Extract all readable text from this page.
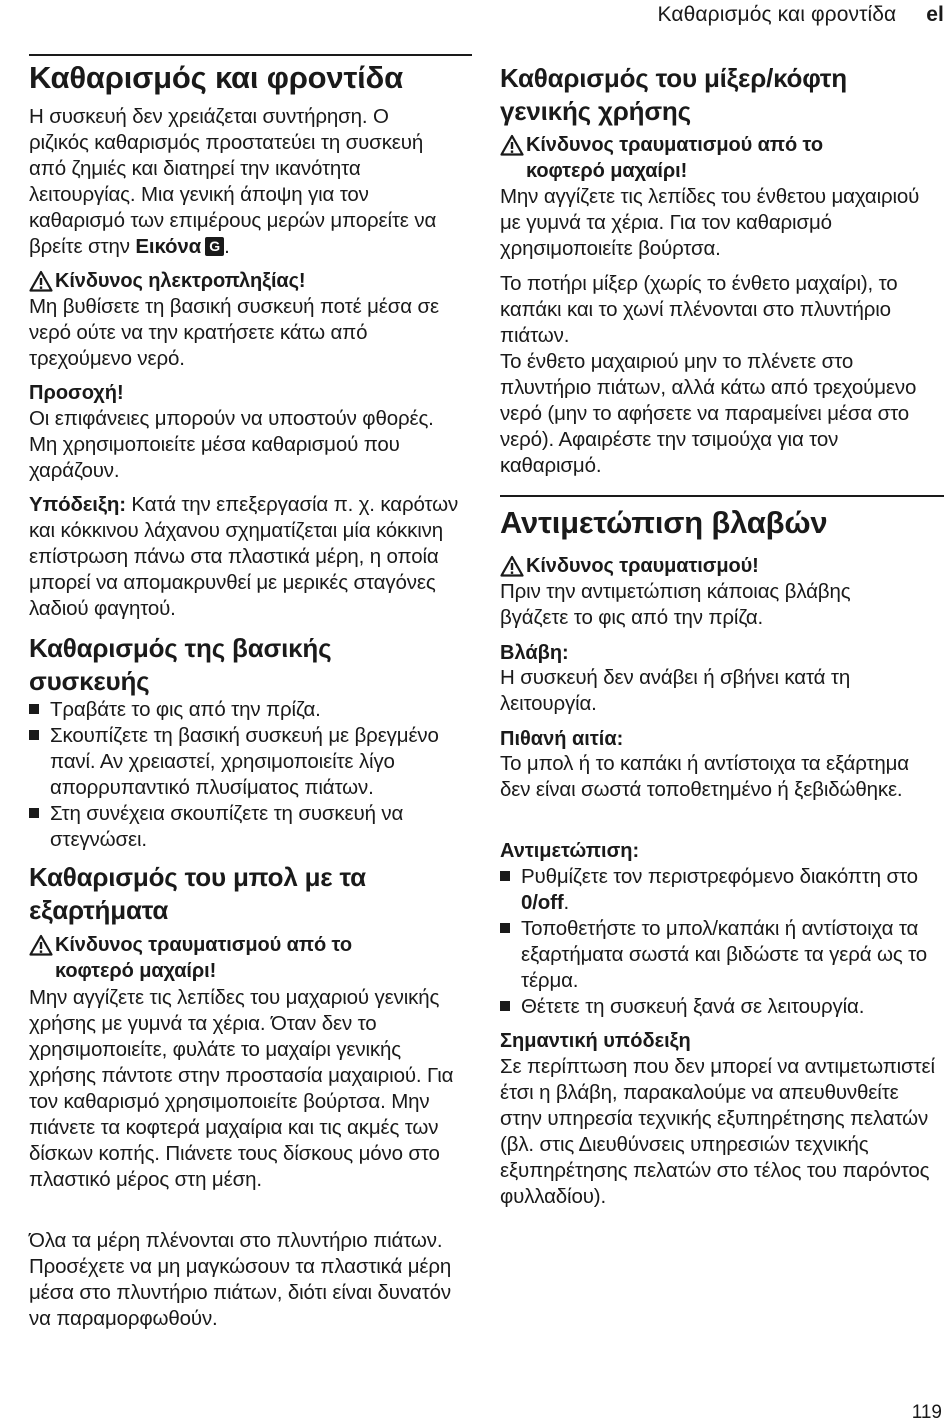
Καθαρισμός και φροντίδα el
Καθαρισμός και φροντίδα

Η συσκευή δεν χρειάζεται συντήρηση. Ο ριζικός καθαρισμός προστατεύει τη συσκευή από ζημιές και διατηρεί την ικανότητα λειτουργίας. Μια γενική άποψη για τον καθαρισμό των επιμέρους μερών μπορείτε να βρείτε στην Εικόνα G .

Κίνδυνος ηλεκτροπληξίας!

Μη βυθίσετε τη βασική συσκευή ποτέ μέσα σε νερό ούτε να την κρατήσετε κάτω από τρεχούμενο νερό.

Προσοχή!

Οι επιφάνειες μπορούν να υποστούν φθορές. Μη χρησιμοποιείτε μέσα καθαρισμού που χαράζουν.

Υπόδειξη: Κατά την επεξεργασία π. χ. καρότων και κόκκινου λάχανου σχηματίζεται μία κόκκινη επίστρωση πάνω στα πλαστικά μέρη, η οποία μπορεί να απομακρυνθεί με μερικές σταγόνες λαδιού φαγητού.

Καθαρισμός της βασικής συσκευής
Τραβάτε το φις από την πρίζα.
Σκουπίζετε τη βασική συσκευή με βρεγμένο πανί. Αν χρειαστεί, χρησιμοποιείτε λίγο απορρυπαντικό πλυσίματος πιάτων.
Στη συνέχεια σκουπίζετε τη συσκευή να στεγνώσει.
Καθαρισμός του μπολ με τα εξαρτήματα
Κίνδυνος τραυματισμού από το κοφτερό μαχαίρι!

Μην αγγίζετε τις λεπίδες του μαχαριού γενικής χρήσης με γυμνά τα χέρια. Όταν δεν το χρησιμοποιείτε, φυλάτε το μαχαίρι γενικής χρήσης πάντοτε στην προστασία μαχαιριού. Για τον καθαρισμό χρησιμοποιείτε βούρτσα. Μην πιάνετε τα κοφτερά μαχαίρια και τις ακμές των δίσκων κοπής. Πιάνετε τους δίσκους μόνο στο πλαστικό μέρος στη μέση.

Όλα τα μέρη πλένονται στο πλυντήριο πιάτων. Προσέχετε να μη μαγκώσουν τα πλαστικά μέρη μέσα στο πλυντήριο πιάτων, διότι είναι δυνατόν να παραμορφωθούν.

Καθαρισμός του μίξερ/κόφτη γενικής χρήσης
Κίνδυνος τραυματισμού από το κοφτερό μαχαίρι!

Μην αγγίζετε τις λεπίδες του ένθετου μαχαιριού με γυμνά τα χέρια. Για τον καθαρισμό χρησιμοποιείτε βούρτσα.

Το ποτήρι μίξερ (χωρίς το ένθετο μαχαίρι), το καπάκι και το χωνί πλένονται στο πλυντήριο πιάτων.

Το ένθετο μαχαιριού μην το πλένετε στο πλυντήριο πιάτων, αλλά κάτω από τρεχούμενο νερό (μην το αφήσετε να παραμείνει μέσα στο νερό). Αφαιρέστε την τσιμούχα για τον καθαρισμό.

Αντιμετώπιση βλαβών
Κίνδυνος τραυματισμού!

Πριν την αντιμετώπιση κάποιας βλάβης βγάζετε το φις από την πρίζα.

Βλάβη:

Η συσκευή δεν ανάβει ή σβήνει κατά τη λειτουργία.

Πιθανή αιτία:

Το μπολ ή το καπάκι ή αντίστοιχα τα εξάρτημα δεν είναι σωστά τοποθετημένο ή ξεβιδώθηκε.

Αντιμετώπιση:
Ρυθμίζετε τον περιστρεφόμενο διακόπτη στο 0/off.
Τοποθετήστε το μπολ/καπάκι ή αντίστοιχα τα εξαρτήματα σωστά και βιδώστε τα γερά ως το τέρμα.
Θέτετε τη συσκευή ξανά σε λειτουργία.
Σημαντική υπόδειξη

Σε περίπτωση που δεν μπορεί να αντιμετωπιστεί έτσι η βλάβη, παρακαλούμε να απευθυνθείτε στην υπηρεσία τεχνικής εξυπηρέτησης πελατών (βλ. στις Διευθύνσεις υπηρεσιών τεχνικής εξυπηρέτησης πελατών στο τέλος του παρόντος φυλλαδίου).

119
